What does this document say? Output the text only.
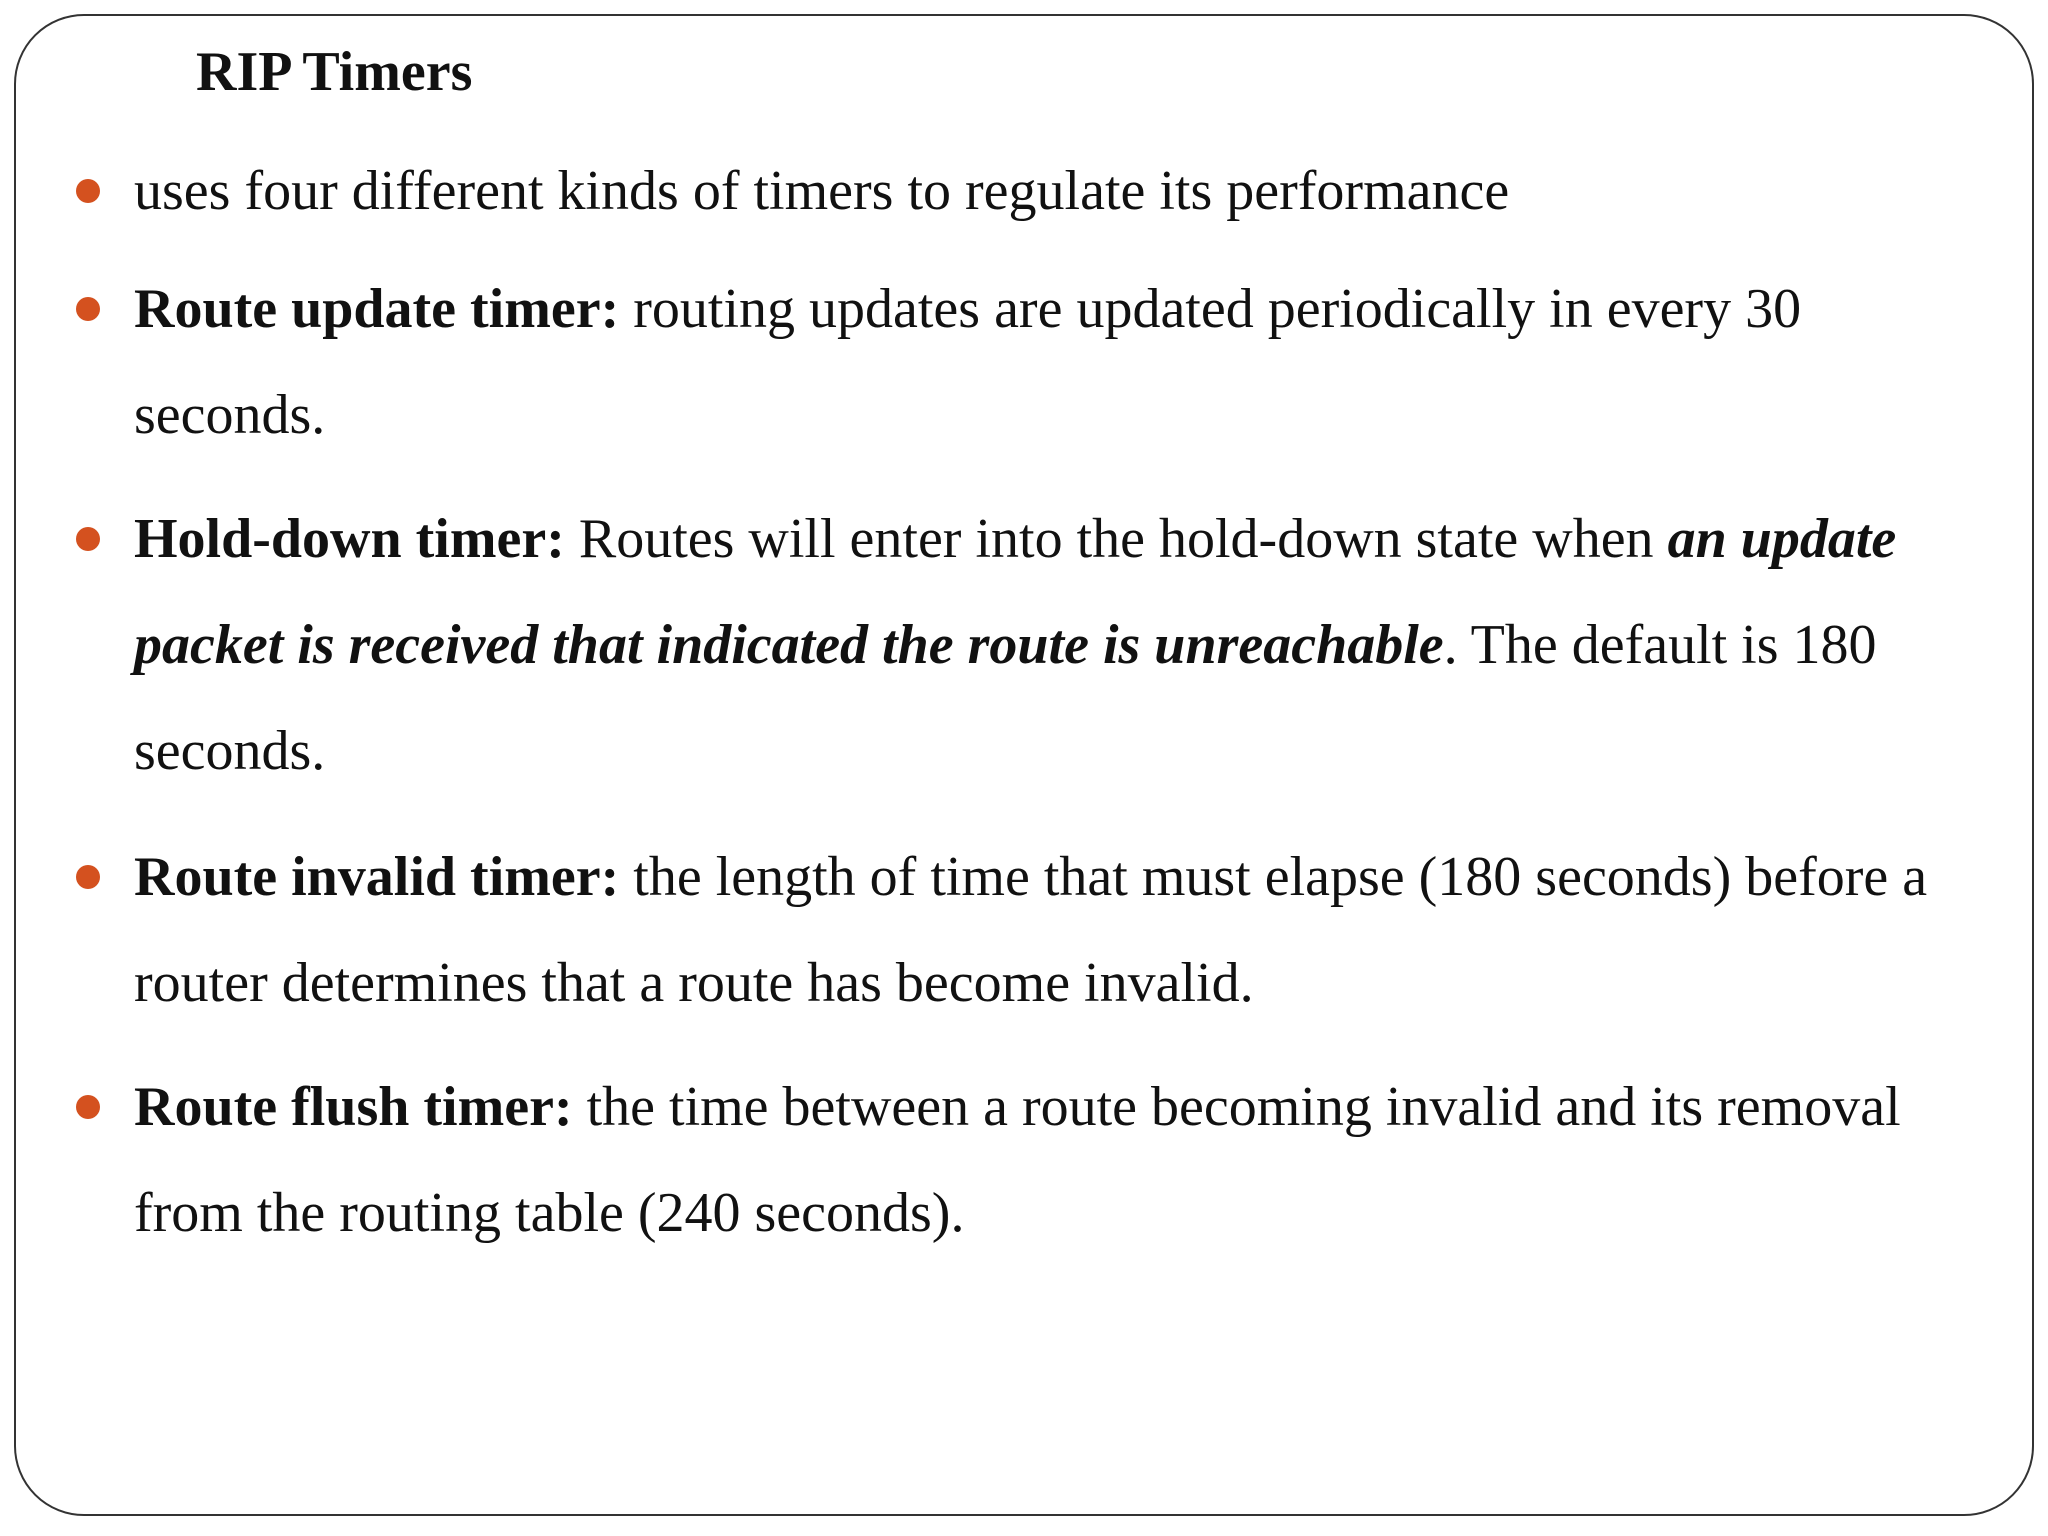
RIP Timers
uses four different kinds of timers to regulate its performance
Route update timer: routing updates are updated periodically in every 30 seconds.
Hold-down timer: Routes will enter into the hold-down state when an update packet is received that indicated the route is unreachable. The default is 180 seconds.
Route invalid timer: the length of time that must elapse (180 seconds) before a router determines that a route has become invalid.
Route flush timer: the time between a route becoming invalid and its removal from the routing table (240 seconds).
